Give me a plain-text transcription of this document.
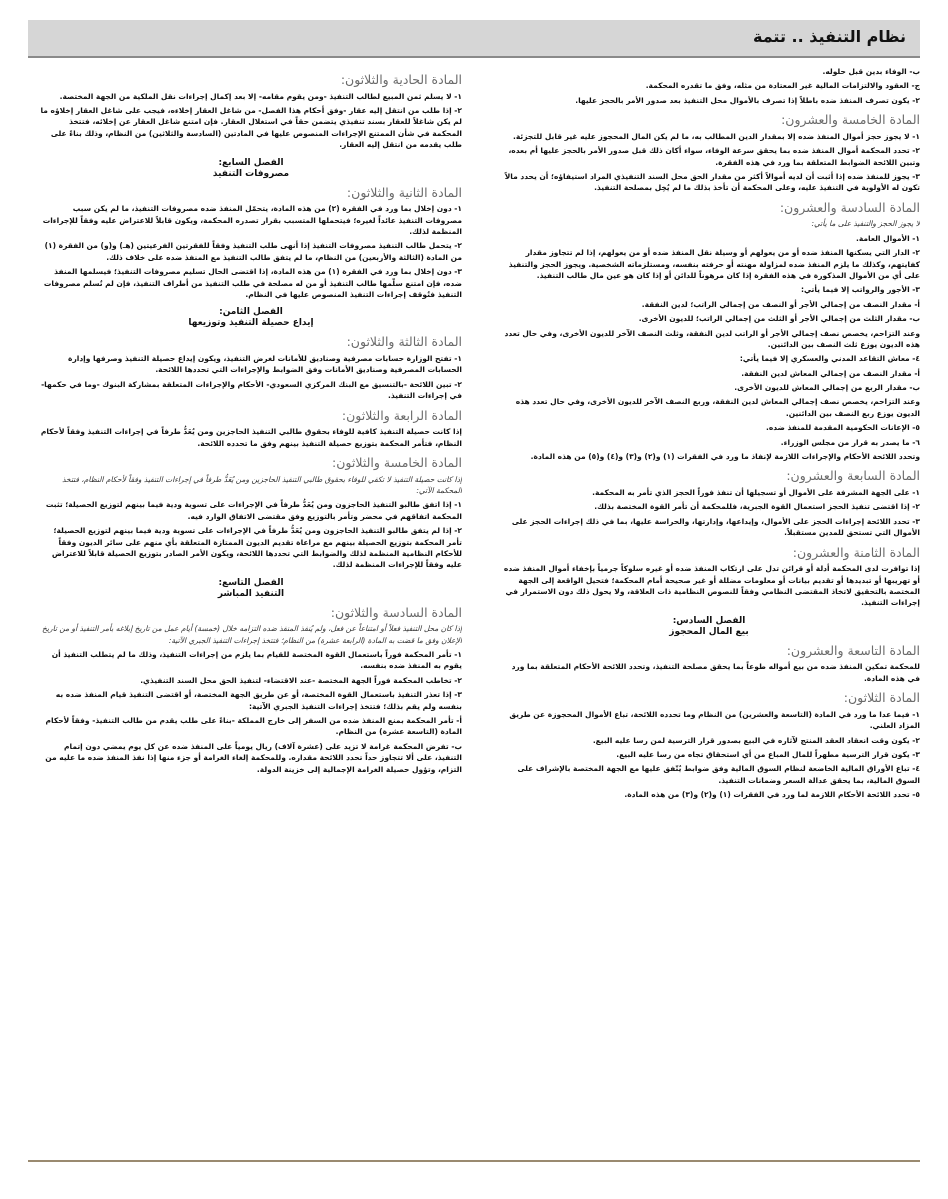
نظام التنفيذ .. تتمة

ب- الوفاء بدين قبل حلوله.

ج- العقود والالتزامات المالية غير المعتادة من مثله، وفق ما تقدره المحكمة.

٢- يكون تصرف المنفذ ضده باطلاً إذا تصرف بالأموال محل التنفيذ بعد صدور الأمر بالحجز عليها.

المادة الخامسة والعشرون:

١- لا يجوز حجز أموال المنفذ ضده إلا بمقدار الدين المطالب به، ما لم يكن المال المحجوز عليه غير قابل للتجزئة.

٢- تحدد المحكمة أموال المنفذ ضده بما يحقق سرعة الوفاء، سواء أكان ذلك قبل صدور الأمر بالحجز عليها أم بعده، وتبين اللائحة الضوابط المتعلقة بما ورد في هذه الفقرة.

٣- يجوز للمنفذ ضده إذا أثبت أن لديه أموالاً أكثر من مقدار الحق محل السند التنفيذي المراد استيفاؤه؛ أن يحدد مالاً تكون له الأولوية في التنفيذ عليه، وعلى المحكمة أن تأخذ بذلك ما لم يُخِل بمصلحة التنفيذ.

المادة السادسة والعشرون:

لا يجوز الحجز والتنفيذ على ما يأتي:

١- الأموال العامة.

٢- الدار التي يسكنها المنفذ ضده أو من يعولهم أو وسيلة نقل المنفذ ضده أو من يعولهم، إذا لم تتجاوز مقدار كفايتهم، وكذلك ما يلزم المنفذ ضده لمزاولة مهنته أو حرفته بنفسه، ومستلزماته الشخصية. ويجوز الحجز والتنفيذ على أي من الأموال المذكورة في هذه الفقرة إذا كان مرهوناً للدائن أو إذا كان هو عين مال طالب التنفيذ.

٣- الأجور والرواتب إلا فيما يأتي:

أ- مقدار النصف من إجمالي الأجر أو النصف من إجمالي الراتب؛ لدين النفقة.

ب- مقدار الثلث من إجمالي الأجر أو الثلث من إجمالي الراتب؛ للديون الأخرى.

وعند التزاحم، يخصص نصف إجمالي الأجر أو الراتب لدين النفقة، وثلث النصف الآخر للديون الأخرى، وفي حال تعدد هذه الديون يوزع ثلث النصف بين الدائنين.

٤- معاش التقاعد المدني والعسكري إلا فيما يأتي:

أ- مقدار النصف من إجمالي المعاش لدين النفقة.

ب- مقدار الربع من إجمالي المعاش للديون الأخرى.

وعند التزاحم، يخصص نصف إجمالي المعاش لدين النفقة، وربع النصف الآخر للديون الأخرى، وفي حال تعدد هذه الديون يوزع ربع النصف بين الدائنين.

٥- الإعانات الحكومية المقدمة للمنفذ ضده.

٦- ما يصدر به قرار من مجلس الوزراء.

وتحدد اللائحة الأحكام والإجراءات اللازمة لإنفاذ ما ورد في الفقرات (١) و(٢) و(٣) و(٤) و(٥) من هذه المادة.

المادة السابعة والعشرون:

١- على الجهة المشرفة على الأموال أو تسجيلها أن تنفذ فوراً الحجز الذي تأمر به المحكمة.

٢- إذا اقتضى تنفيذ الحجز استعمال القوة الجبرية، فللمحكمة أن تأمر القوة المختصة بذلك.

٣- تحدد اللائحة إجراءات الحجز على الأموال، وإيداعها، وإدارتها، والحراسة عليها، بما في ذلك إجراءات الحجز على الأموال التي تستحق للمدين مستقبلاً.

المادة الثامنة والعشرون:

إذا توافرت لدى المحكمة أدلة أو قرائن تدل على ارتكاب المنفذ ضده أو غيره سلوكاً جرمياً بإخفاء أموال المنفذ ضده أو تهريبها أو تبديدها أو تقديم بيانات أو معلومات مضللة أو غير صحيحة أمام المحكمة؛ فتحيل الواقعة إلى الجهة المختصة بالتحقيق لاتخاذ المقتضى النظامي وفقاً للنصوص النظامية ذات العلاقة، ولا يحول ذلك دون الاستمرار في إجراءات التنفيذ.

الفصل السادس:
بيع المال المحجوز
المادة التاسعة والعشرون:

للمحكمة تمكين المنفذ ضده من بيع أمواله طوعاً بما يحقق مصلحة التنفيذ، وتحدد اللائحة الأحكام المتعلقة بما ورد في هذه المادة.

المادة الثلاثون:

١- فيما عدا ما ورد في المادة (التاسعة والعشرين) من النظام وما تحدده اللائحة، تباع الأموال المحجوزة عن طريق المزاد العلني.

٢- يكون وقت انعقاد العقد المنتج لآثاره في البيع بصدور قرار الترسية لمن رسا عليه البيع.

٣- يكون قرار الترسية مطهراً للمال المباع من أي استحقاق تجاه من رسا عليه البيع.

٤- تباع الأوراق المالية الخاضعة لنظام السوق المالية وفق ضوابط يُتّفق عليها مع الجهة المختصة بالإشراف على السوق المالية، بما يحقق عدالة السعر وضمانات التنفيذ.

٥- تحدد اللائحة الأحكام اللازمة لما ورد في الفقرات (١) و(٢) و(٣) من هذه المادة.

المادة الحادية والثلاثون:

١- لا يسلم ثمن المبيع لطالب التنفيذ -ومن يقوم مقامه- إلا بعد إكمال إجراءات نقل الملكية من الجهة المختصة.

٢- إذا طلب من انتقل إليه عقار -وفق أحكام هذا الفصل- من شاغل العقار إخلاءه، فيجب على شاغل العقار إخلاؤه ما لم يكن شاغلاً للعقار بسند تنفيذي يتضمن حقاً في استغلال العقار. فإن امتنع شاغل العقار عن إخلائه، فتتخذ المحكمة في شأن الممتنع الإجراءات المنصوص عليها في المادتين (السادسة والثلاثين) من النظام، وذلك بناءً على طلب يقدمه من انتقل إليه العقار.

الفصل السابع:
مصروفات التنفيذ
المادة الثانية والثلاثون:

١- دون إخلال بما ورد في الفقرة (٢) من هذه المادة، يتحمّل المنفذ ضده مصروفات التنفيذ، ما لم يكن سبب مصروفات التنفيذ عائداً لغيره؛ فيتحملها المتسبب بقرار تصدره المحكمة، ويكون قابلاً للاعتراض عليه وفقاً للإجراءات المنظمة لذلك.

٢- يتحمل طالب التنفيذ مصروفات التنفيذ إذا أنهى طلب التنفيذ وفقاً للفقرتين الفرعيتين (هـ) و(و) من الفقرة (١) من المادة (الثالثة والأربعين) من النظام، ما لم يتفق طالب التنفيذ مع المنفذ ضده على خلاف ذلك.

٣- دون إخلال بما ورد في الفقرة (١) من هذه المادة، إذا اقتضى الحال تسليم مصروفات التنفيذ؛ فيسلمها المنفذ ضده، فإن امتنع سلّمها طالب التنفيذ أو من له مصلحة في طلب التنفيذ من أطراف التنفيذ، فإن لم تُسلم مصروفات التنفيذ فتُوقف إجراءات التنفيذ المنصوص عليها في النظام.

الفصل الثامن:
إيداع حصيلة التنفيذ وتوزيعها
المادة الثالثة والثلاثون:

١- تفتح الوزارة حسابات مصرفية وصناديق للأمانات لغرض التنفيذ، ويكون إيداع حصيلة التنفيذ وصرفها وإدارة الحسابات المصرفية وصناديق الأمانات وفق الضوابط والإجراءات التي تحددها اللائحة.

٢- تبين اللائحة -بالتنسيق مع البنك المركزي السعودي- الأحكام والإجراءات المتعلقة بمشاركة البنوك -وما في حكمها- في إجراءات التنفيذ.

المادة الرابعة والثلاثون:

إذا كانت حصيلة التنفيذ كافية للوفاء بحقوق طالبي التنفيذ الحاجزين ومن يُعَدُّ طرفاً في إجراءات التنفيذ وفقاً لأحكام النظام، فتأمر المحكمة بتوزيع حصيلة التنفيذ بينهم وفق ما تحدده اللائحة.

المادة الخامسة والثلاثون:

إذا كانت حصيلة التنفيذ لا تكفي للوفاء بحقوق طالبي التنفيذ الحاجزين ومن يُعَدُّ طرفاً في إجراءات التنفيذ وفقاً لأحكام النظام، فتتخذ المحكمة الآتي:

١- إذا اتفق طالبو التنفيذ الحاجزون ومن يُعَدُّ طرفاً في الإجراءات على تسوية ودية فيما بينهم لتوزيع الحصيلة؛ تثبت المحكمة اتفاقهم في محضر وتأمر بالتوزيع وفق مقتضى الاتفاق الوارد فيه.

٢- إذا لم يتفق طالبو التنفيذ الحاجزون ومن يُعَدُّ طرفاً في الإجراءات على تسوية ودية فيما بينهم لتوزيع الحصيلة؛ تأمر المحكمة بتوزيع الحصيلة بينهم مع مراعاة تقديم الديون الممتازة المتعلقة بأي منهم على سائر الديون وفقاً للأحكام النظامية المنظمة لذلك والضوابط التي تحددها اللائحة، ويكون الأمر الصادر بتوزيع الحصيلة قابلاً للاعتراض عليه وفقاً للإجراءات المنظمة لذلك.

الفصل التاسع:
التنفيذ المباشر
المادة السادسة والثلاثون:

إذا كان محل التنفيذ فعلاً أو امتناعاً عن فعل، ولم يُنفذ المنفذ ضده التزامه خلال (خمسة) أيام عمل من تاريخ إبلاغه بأمر التنفيذ أو من تاريخ الإعلان وفق ما قضت به المادة (الرابعة عشرة) من النظام؛ فتتخذ إجراءات التنفيذ الجبري الآتية:

١- تأمر المحكمة فوراً باستعمال القوة المختصة للقيام بما يلزم من إجراءات التنفيذ، وذلك ما لم يتطلب التنفيذ أن يقوم به المنفذ ضده بنفسه.

٢- تخاطب المحكمة فوراً الجهة المختصة -عند الاقتضاء- لتنفيذ الحق محل السند التنفيذي.

٣- إذا تعذر التنفيذ باستعمال القوة المختصة، أو عن طريق الجهة المختصة، أو اقتضى التنفيذ قيام المنفذ ضده به بنفسه ولم يقم بذلك؛ فتتخذ إجراءات التنفيذ الجبري الآتية:

أ- تأمر المحكمة بمنع المنفذ ضده من السفر إلى خارج المملكة -بناءً على طلب يقدم من طالب التنفيذ- وفقاً لأحكام المادة (التاسعة عشرة) من النظام.

ب- تفرض المحكمة غرامة لا تزيد على (عشرة آلاف) ريال يومياً على المنفذ ضده عن كل يوم يمضي دون إتمام التنفيذ، على ألا تتجاوز حداً تحدد اللائحة مقداره. وللمحكمة إلغاء الغرامة أو جزء منها إذا نفذ المنفذ ضده ما عليه من التزام، وتؤول حصيلة الغرامة الإجمالية إلى خزينة الدولة.
